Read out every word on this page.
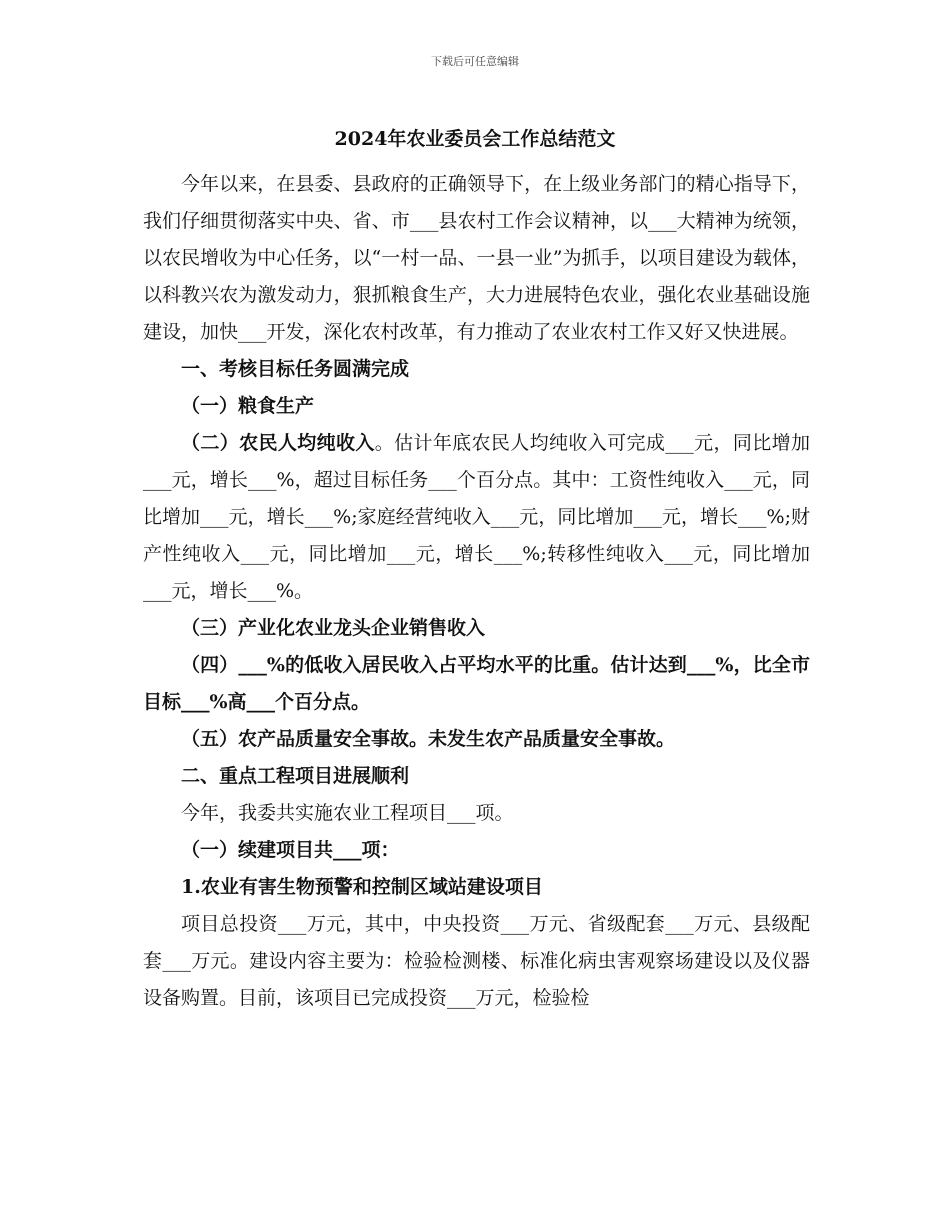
下载后可任意编辑
2024年农业委员会工作总结范文

今年以来，在县委、县政府的正确领导下，在上级业务部门的精心指导下，我们仔细贯彻落实中央、省、市___县农村工作会议精神，以___大精神为统领，以农民增收为中心任务，以“一村一品、一县一业”为抓手，以项目建设为载体，以科教兴农为激发动力，狠抓粮食生产，大力进展特色农业，强化农业基础设施建设，加快___开发，深化农村改革，有力推动了农业农村工作又好又快进展。

一、考核目标任务圆满完成

（一）粮食生产

（二）农民人均纯收入。估计年底农民人均纯收入可完成___元，同比增加___元，增长___%，超过目标任务___个百分点。其中：工资性纯收入___元，同比增加___元，增长___%;家庭经营纯收入___元，同比增加___元，增长___%;财产性纯收入___元，同比增加___元，增长___%;转移性纯收入___元，同比增加___元，增长___%。

（三）产业化农业龙头企业销售收入

（四）___%的低收入居民收入占平均水平的比重。估计达到___%，比全市目标___%高___个百分点。

（五）农产品质量安全事故。未发生农产品质量安全事故。

二、重点工程项目进展顺利

今年，我委共实施农业工程项目___项。

（一）续建项目共___项：

1.农业有害生物预警和控制区域站建设项目

项目总投资___万元，其中，中央投资___万元、省级配套___万元、县级配套___万元。建设内容主要为：检验检测楼、标准化病虫害观察场建设以及仪器设备购置。目前，该项目已完成投资___万元，检验检
